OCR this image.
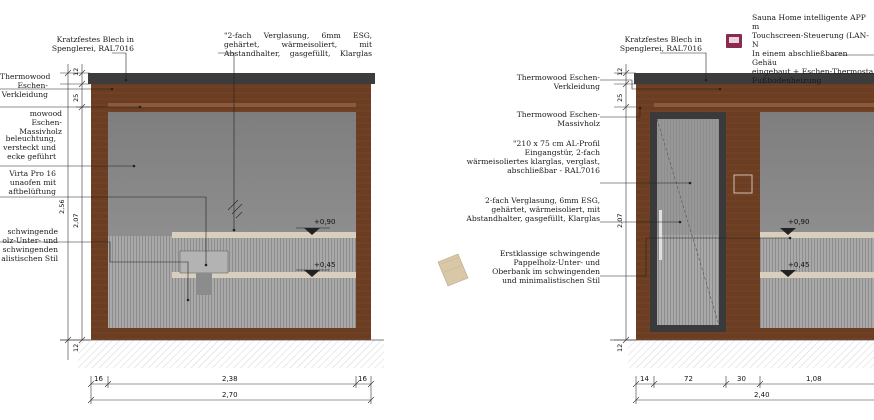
+0,90
+0,45
12
25
2,56
2,07
12
16	2,38	16
2,70
+0,90
+0,45
12
25
2,07
12
14	72	30	1,08
2,40
Kratzfestes Blech in
Spenglerei, RAL7016
"2-fach Verglasung, 6mm ESG,
gehärtet, wärmeisoliert, mit
Abstandhalter, gasgefüllt, Klarglas
Thermowood
Eschen-
Verkleidung
mowood Eschen-
Massivholz
beleuchtung,
versteckt und
ecke geführt
Virta Pro 16
unaofen mit
aftbelüftung
schwingende
olz-Unter- und
schwingenden
alistischen Stil
Kratzfestes Blech in
Spenglerei, RAL7016
Sauna Home intelligente APP m
Touchscreen-Steuerung (LAN-N
In einem abschließbaren Gehäu
eingebaut + Eschen-Thermosta
Fußbodenheizung
Thermowood Eschen-
Verkleidung
Thermowood Eschen-
Massivholz
"210 x 75 cm AL-Profil
Eingangstür, 2-fach
wärmeisoliertes klarglas, verglast,
abschließbar - RAL7016
2-fach Verglasung, 6mm ESG,
gehärtet, wärmeisoliert, mit
Abstandhalter, gasgefüllt, Klarglas
Erstklassige schwingende
Pappelholz-Unter- und
Oberbank im schwingenden
und minimalistischen Stil
